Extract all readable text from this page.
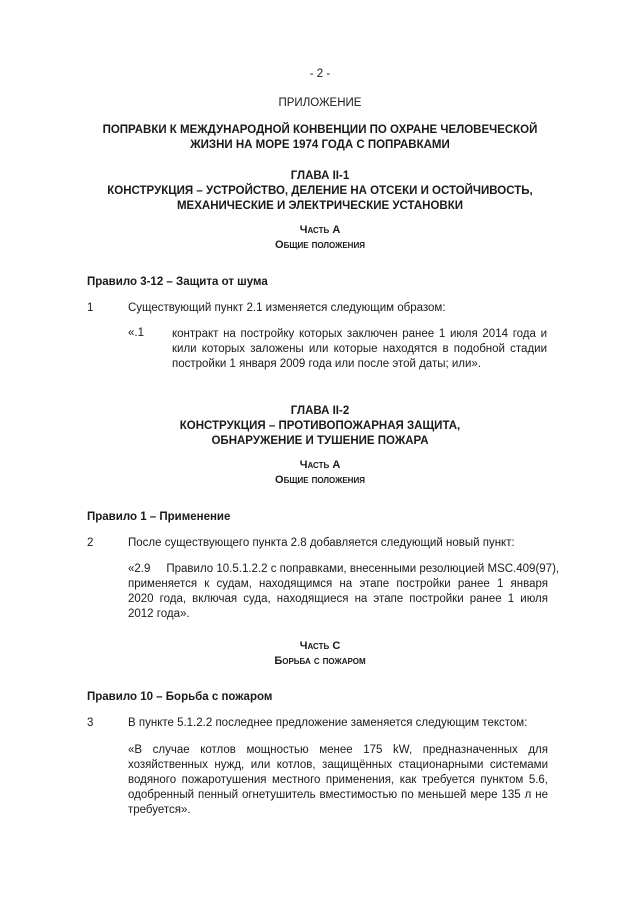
- 2 -
ПРИЛОЖЕНИЕ
ПОПРАВКИ К МЕЖДУНАРОДНОЙ КОНВЕНЦИИ ПО ОХРАНЕ ЧЕЛОВЕЧЕСКОЙ
ЖИЗНИ НА МОРЕ 1974 ГОДА С ПОПРАВКАМИ
ГЛАВА II-1
КОНСТРУКЦИЯ – УСТРОЙСТВО, ДЕЛЕНИЕ НА ОТСЕКИ И ОСТОЙЧИВОСТЬ,
МЕХАНИЧЕСКИЕ И ЭЛЕКТРИЧЕСКИЕ УСТАНОВКИ
Часть A
Общие положения
Правило 3-12 – Защита от шума
1	Существующий пункт 2.1 изменяется следующим образом:
«.1 контракт на постройку которых заключен ранее 1 июля 2014 года и
кили которых заложены или которые находятся в подобной стадии
постройки 1 января 2009 года или после этой даты; или».
ГЛАВА II-2
КОНСТРУКЦИЯ – ПРОТИВОПОЖАРНАЯ ЗАЩИТА,
ОБНАРУЖЕНИЕ И ТУШЕНИЕ ПОЖАРА
Часть A
Общие положения
Правило 1 – Применение
2	После существующего пункта 2.8 добавляется следующий новый пункт:
«2.9     Правило 10.5.1.2.2 с поправками, внесенными резолюцией MSC.409(97),
применяется к судам, находящимся на этапе постройки ранее 1 января
2020 года, включая суда, находящиеся на этапе постройки ранее 1 июля
2012 года».
Часть C
Борьба с пожаром
Правило 10 – Борьба с пожаром
3	В пункте 5.1.2.2 последнее предложение заменяется следующим текстом:
«В случае котлов мощностью менее 175 kW, предназначенных для
хозяйственных нужд, или котлов, защищённых стационарными системами
водяного пожаротушения местного применения, как требуется пунктом 5.6,
одобренный пенный огнетушитель вместимостью по меньшей мере 135 л не
требуется».
